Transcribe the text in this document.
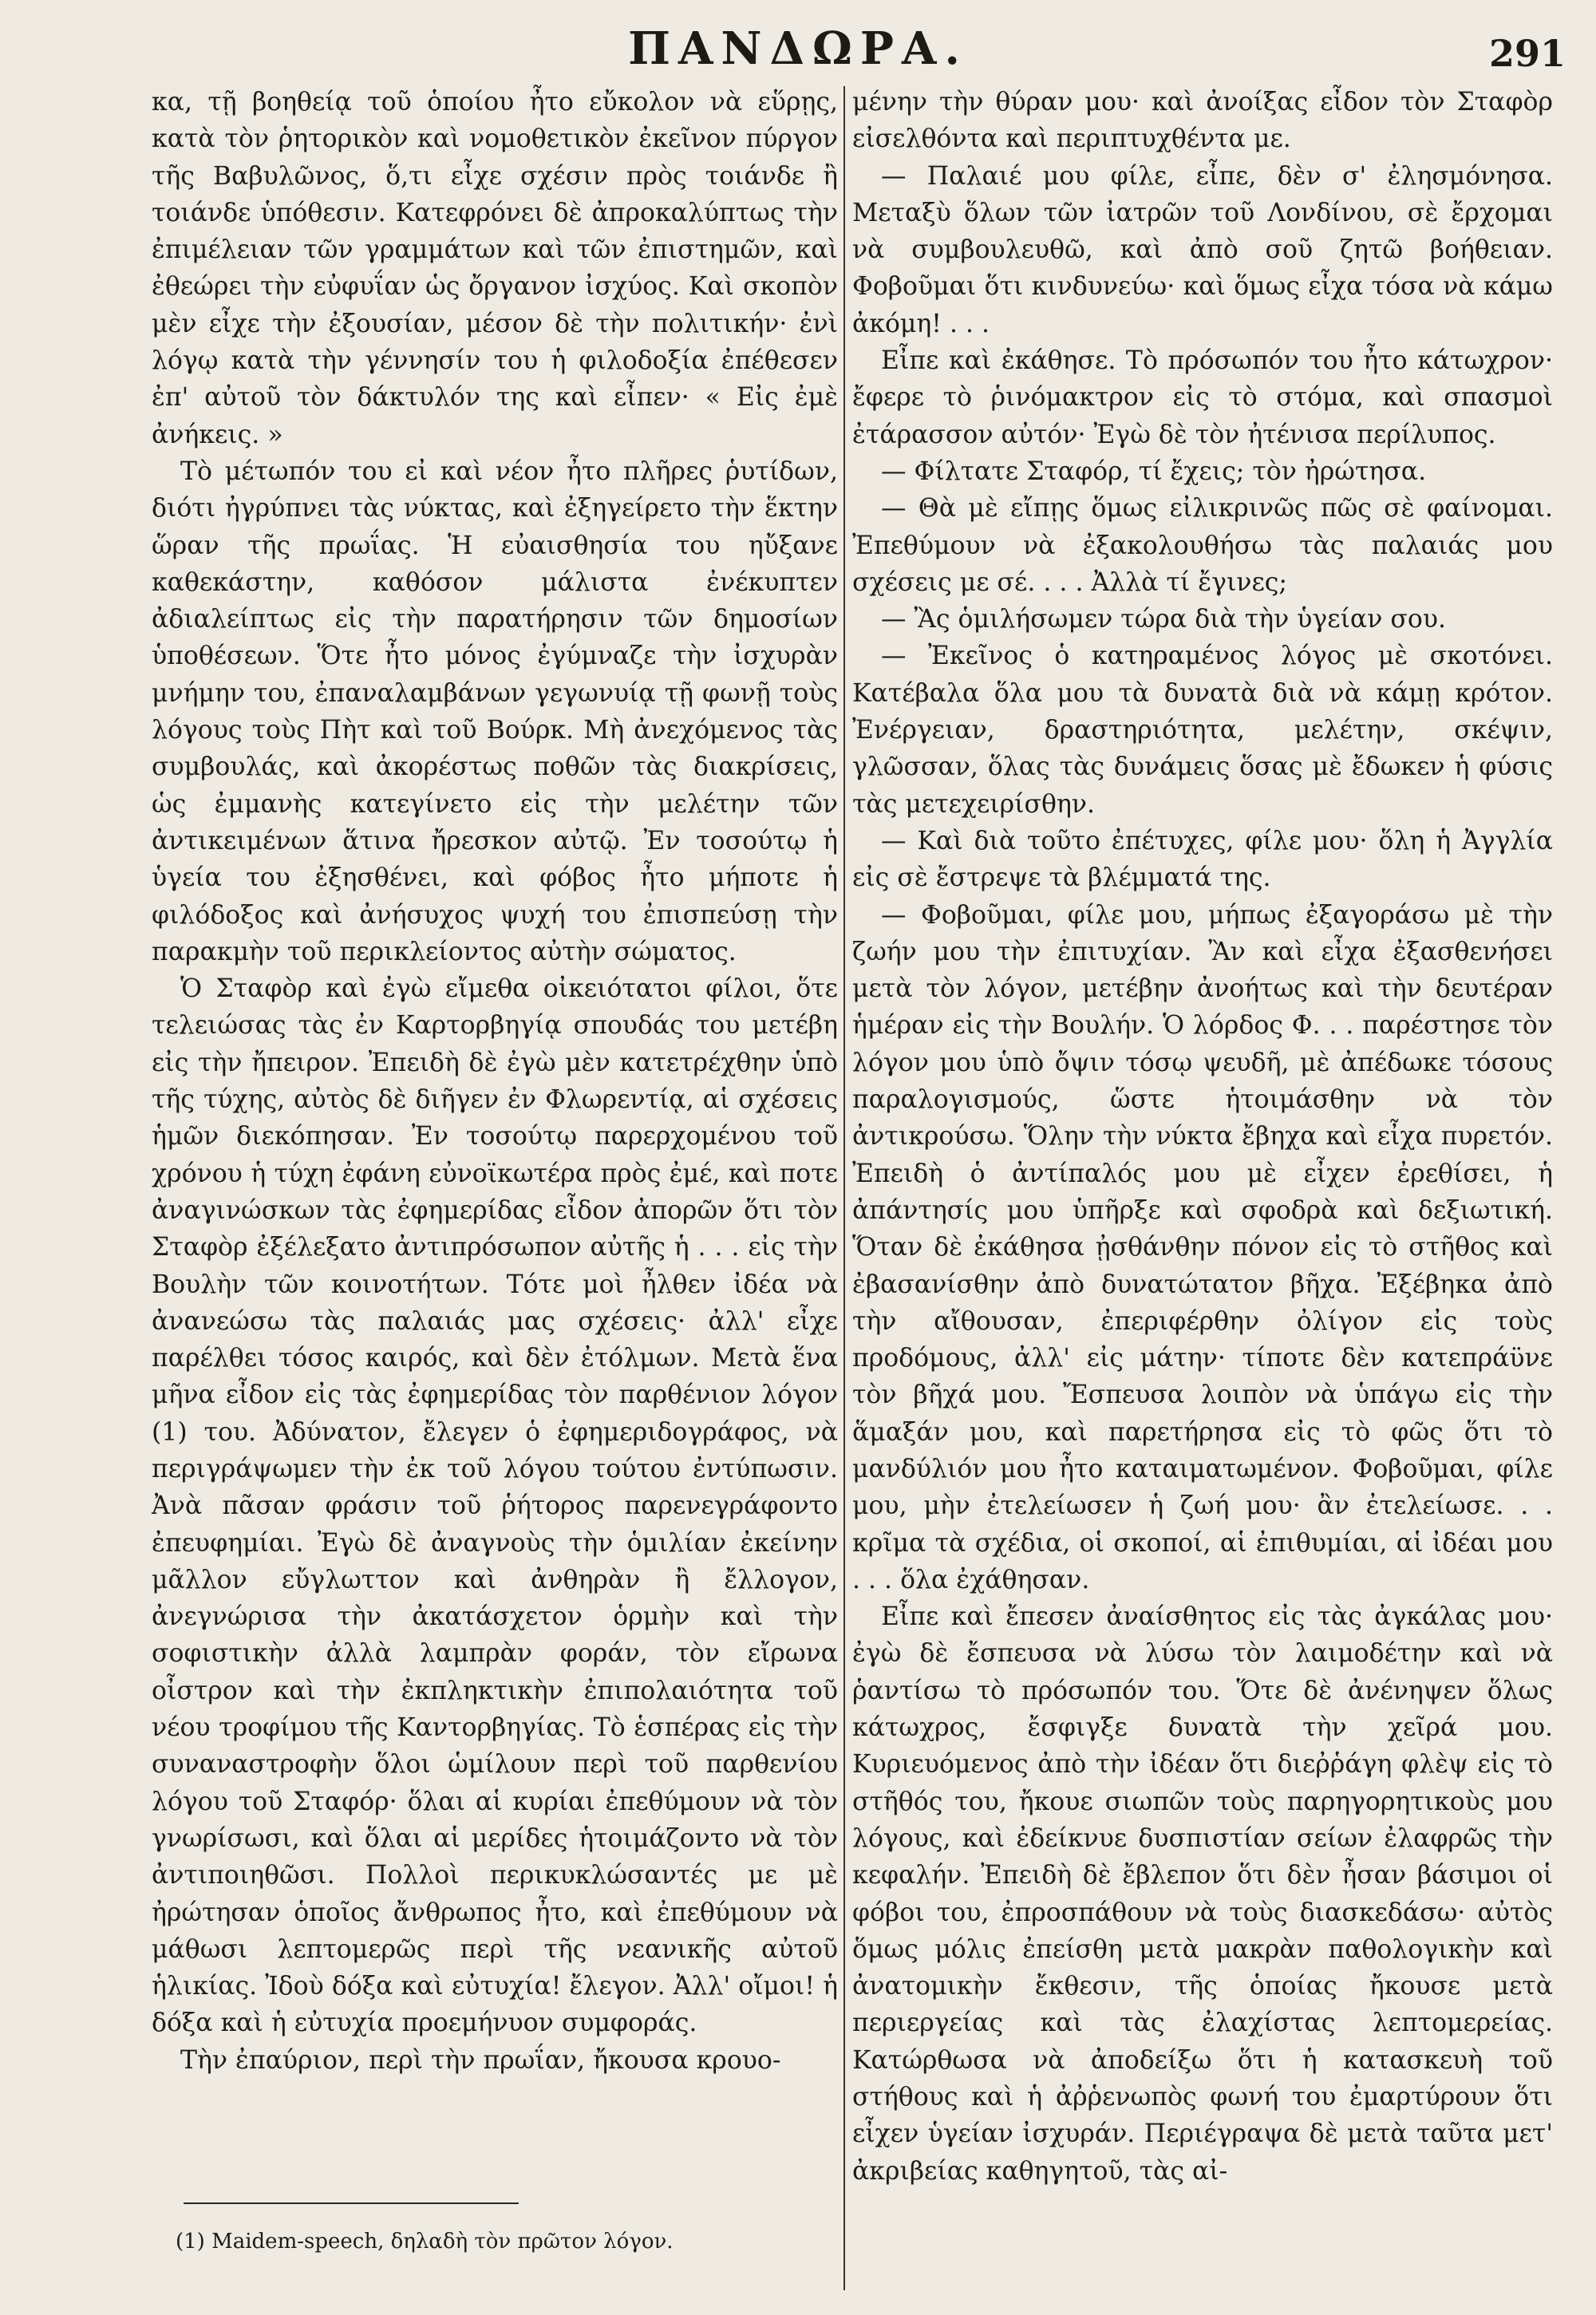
ΠΑΝΔΩΡΑ.	291

κα, τῇ βοηθείᾳ τοῦ ὁποίου ἦτο εὔκολον νὰ εὕρῃς, κατὰ τὸν ῥητορικὸν καὶ νομοθετικὸν ἐκεῖνον πύργον τῆς Βαβυλῶνος, ὅ,τι εἶχε σχέσιν πρὸς τοιάνδε ἢ τοιάνδε ὑπόθεσιν. Κατεφρόνει δὲ ἀπροκαλύπτως τὴν ἐπιμέλειαν τῶν γραμμάτων καὶ τῶν ἐπιστημῶν, καὶ ἐθεώρει τὴν εὐφυΐαν ὡς ὄργανον ἰσχύος. Καὶ σκοπὸν μὲν εἶχε τὴν ἐξουσίαν, μέσον δὲ τὴν πολιτικήν· ἐνὶ λόγῳ κατὰ τὴν γέννησίν του ἡ φιλοδοξία ἐπέθεσεν ἐπ' αὐτοῦ τὸν δάκτυλόν της καὶ εἶπεν· « Εἰς ἐμὲ ἀνήκεις. »

Τὸ μέτωπόν του εἰ καὶ νέον ἦτο πλῆρες ῥυτίδων, διότι ἠγρύπνει τὰς νύκτας, καὶ ἐξηγείρετο τὴν ἕκτην ὥραν τῆς πρωΐας. Ἡ εὐαισθησία του ηὔξανε καθεκάστην, καθόσον μάλιστα ἐνέκυπτεν ἀδιαλείπτως εἰς τὴν παρατήρησιν τῶν δημοσίων ὑποθέσεων. Ὅτε ἦτο μόνος ἐγύμναζε τὴν ἰσχυρὰν μνήμην του, ἐπαναλαμβάνων γεγωνυίᾳ τῇ φωνῇ τοὺς λόγους τοὺς Πὴτ καὶ τοῦ Βούρκ. Μὴ ἀνεχόμενος τὰς συμβουλάς, καὶ ἀκορέστως ποθῶν τὰς διακρίσεις, ὡς ἐμμανὴς κατεγίνετο εἰς τὴν μελέτην τῶν ἀντικειμένων ἅτινα ἤρεσκον αὐτῷ. Ἐν τοσούτῳ ἡ ὑγεία του ἐξησθένει, καὶ φόβος ἦτο μήποτε ἡ φιλόδοξος καὶ ἀνήσυχος ψυχή του ἐπισπεύσῃ τὴν παρακμὴν τοῦ περικλείοντος αὐτὴν σώματος.

Ὁ Σταφὸρ καὶ ἐγὼ εἴμεθα οἰκειότατοι φίλοι, ὅτε τελειώσας τὰς ἐν Καρτορβηγίᾳ σπουδάς του μετέβη εἰς τὴν ἤπειρον. Ἐπειδὴ δὲ ἐγὼ μὲν κατετρέχθην ὑπὸ τῆς τύχης, αὐτὸς δὲ διῆγεν ἐν Φλωρεντίᾳ, αἱ σχέσεις ἡμῶν διεκόπησαν. Ἐν τοσούτῳ παρερχομένου τοῦ χρόνου ἡ τύχη ἐφάνη εὐνοϊκωτέρα πρὸς ἐμέ, καὶ ποτε ἀναγινώσκων τὰς ἐφημερίδας εἶδον ἀπορῶν ὅτι τὸν Σταφὸρ ἐξέλεξατο ἀντιπρόσωπον αὐτῆς ἡ . . . εἰς τὴν Βουλὴν τῶν κοινοτήτων. Τότε μοὶ ἦλθεν ἰδέα νὰ ἀνανεώσω τὰς παλαιάς μας σχέσεις· ἀλλ' εἶχε παρέλθει τόσος καιρός, καὶ δὲν ἐτόλμων. Μετὰ ἕνα μῆνα εἶδον εἰς τὰς ἐφημερίδας τὸν παρθένιον λόγον (1) του. Ἀδύνατον, ἔλεγεν ὁ ἐφημεριδογράφος, νὰ περιγράψωμεν τὴν ἐκ τοῦ λόγου τούτου ἐντύπωσιν. Ἀνὰ πᾶσαν φράσιν τοῦ ῥήτορος παρενεγράφοντο ἐπευφημίαι. Ἐγὼ δὲ ἀναγνοὺς τὴν ὁμιλίαν ἐκείνην μᾶλλον εὔγλωττον καὶ ἀνθηρὰν ἢ ἔλλογον, ἀνεγνώρισα τὴν ἀκατάσχετον ὁρμὴν καὶ τὴν σοφιστικὴν ἀλλὰ λαμπρὰν φοράν, τὸν εἴρωνα οἶστρον καὶ τὴν ἐκπληκτικὴν ἐπιπολαιότητα τοῦ νέου τροφίμου τῆς Καντορβηγίας. Τὸ ἑσπέρας εἰς τὴν συναναστροφὴν ὅλοι ὡμίλουν περὶ τοῦ παρθενίου λόγου τοῦ Σταφόρ· ὅλαι αἱ κυρίαι ἐπεθύμουν νὰ τὸν γνωρίσωσι, καὶ ὅλαι αἱ μερίδες ἡτοιμάζοντο νὰ τὸν ἀντιποιηθῶσι. Πολλοὶ περικυκλώσαντές με μὲ ἠρώτησαν ὁποῖος ἄνθρωπος ἦτο, καὶ ἐπεθύμουν νὰ μάθωσι λεπτομερῶς περὶ τῆς νεανικῆς αὐτοῦ ἡλικίας. Ἰδοὺ δόξα καὶ εὐτυχία! ἔλεγον. Ἀλλ' οἴμοι! ἡ δόξα καὶ ἡ εὐτυχία προεμήνυον συμφοράς.

Τὴν ἐπαύριον, περὶ τὴν πρωΐαν, ἤκουσα κρουο-

μένην τὴν θύραν μου· καὶ ἀνοίξας εἶδον τὸν Σταφὸρ εἰσελθόντα καὶ περιπτυχθέντα με.

— Παλαιέ μου φίλε, εἶπε, δὲν σ' ἐλησμόνησα. Μεταξὺ ὅλων τῶν ἰατρῶν τοῦ Λονδίνου, σὲ ἔρχομαι νὰ συμβουλευθῶ, καὶ ἀπὸ σοῦ ζητῶ βοήθειαν. Φοβοῦμαι ὅτι κινδυνεύω· καὶ ὅμως εἶχα τόσα νὰ κάμω ἀκόμη! . . .

Εἶπε καὶ ἐκάθησε. Τὸ πρόσωπόν του ἦτο κάτωχρον· ἔφερε τὸ ῥινόμακτρον εἰς τὸ στόμα, καὶ σπασμοὶ ἐτάρασσον αὐτόν· Ἐγὼ δὲ τὸν ἠτένισα περίλυπος.

— Φίλτατε Σταφόρ, τί ἔχεις; τὸν ἠρώτησα.

— Θὰ μὲ εἴπῃς ὅμως εἰλικρινῶς πῶς σὲ φαίνομαι. Ἐπεθύμουν νὰ ἐξακολουθήσω τὰς παλαιάς μου σχέσεις με σέ. . . . Ἀλλὰ τί ἔγινες;

— Ἂς ὁμιλήσωμεν τώρα διὰ τὴν ὑγείαν σου.

— Ἐκεῖνος ὁ κατηραμένος λόγος μὲ σκοτόνει. Κατέβαλα ὅλα μου τὰ δυνατὰ διὰ νὰ κάμῃ κρότον. Ἐνέργειαν, δραστηριότητα, μελέτην, σκέψιν, γλῶσσαν, ὅλας τὰς δυνάμεις ὅσας μὲ ἔδωκεν ἡ φύσις τὰς μετεχειρίσθην.

— Καὶ διὰ τοῦτο ἐπέτυχες, φίλε μου· ὅλη ἡ Ἀγγλία εἰς σὲ ἔστρεψε τὰ βλέμματά της.

— Φοβοῦμαι, φίλε μου, μήπως ἐξαγοράσω μὲ τὴν ζωήν μου τὴν ἐπιτυχίαν. Ἂν καὶ εἶχα ἐξασθενήσει μετὰ τὸν λόγον, μετέβην ἀνοήτως καὶ τὴν δευτέραν ἡμέραν εἰς τὴν Βουλήν. Ὁ λόρδος Φ. . . παρέστησε τὸν λόγον μου ὑπὸ ὄψιν τόσῳ ψευδῆ, μὲ ἀπέδωκε τόσους παραλογισμούς, ὥστε ἡτοιμάσθην νὰ τὸν ἀντικρούσω. Ὅλην τὴν νύκτα ἔβηχα καὶ εἶχα πυρετόν. Ἐπειδὴ ὁ ἀντίπαλός μου μὲ εἶχεν ἐρεθίσει, ἡ ἀπάντησίς μου ὑπῆρξε καὶ σφοδρὰ καὶ δεξιωτική. Ὅταν δὲ ἐκάθησα ᾐσθάνθην πόνον εἰς τὸ στῆθος καὶ ἐβασανίσθην ἀπὸ δυνατώτατον βῆχα. Ἐξέβηκα ἀπὸ τὴν αἴθουσαν, ἐπεριφέρθην ὀλίγον εἰς τοὺς προδόμους, ἀλλ' εἰς μάτην· τίποτε δὲν κατεπράϋνε τὸν βῆχά μου. Ἔσπευσα λοιπὸν νὰ ὑπάγω εἰς τὴν ἅμαξάν μου, καὶ παρετήρησα εἰς τὸ φῶς ὅτι τὸ μανδύλιόν μου ἦτο καταιματωμένον. Φοβοῦμαι, φίλε μου, μὴν ἐτελείωσεν ἡ ζωή μου· ἂν ἐτελείωσε. . . κρῖμα τὰ σχέδια, οἱ σκοποί, αἱ ἐπιθυμίαι, αἱ ἰδέαι μου . . . ὅλα ἐχάθησαν.

Εἶπε καὶ ἔπεσεν ἀναίσθητος εἰς τὰς ἀγκάλας μου· ἐγὼ δὲ ἔσπευσα νὰ λύσω τὸν λαιμοδέτην καὶ νὰ ῥαντίσω τὸ πρόσωπόν του. Ὅτε δὲ ἀνένηψεν ὅλως κάτωχρος, ἔσφιγξε δυνατὰ τὴν χεῖρά μου. Κυριευόμενος ἀπὸ τὴν ἰδέαν ὅτι διεῤῥάγη φλὲψ εἰς τὸ στῆθός του, ἤκουε σιωπῶν τοὺς παρηγορητικοὺς μου λόγους, καὶ ἐδείκνυε δυσπιστίαν σείων ἐλαφρῶς τὴν κεφαλήν. Ἐπειδὴ δὲ ἔβλεπον ὅτι δὲν ἦσαν βάσιμοι οἱ φόβοι του, ἐπροσπάθουν νὰ τοὺς διασκεδάσω· αὐτὸς ὅμως μόλις ἐπείσθη μετὰ μακρὰν παθολογικὴν καὶ ἀνατομικὴν ἔκθεσιν, τῆς ὁποίας ἤκουσε μετὰ περιεργείας καὶ τὰς ἐλαχίστας λεπτομερείας. Κατώρθωσα νὰ ἀποδείξω ὅτι ἡ κατασκευὴ τοῦ στήθους καὶ ἡ ἀῤῥενωπὸς φωνή του ἐμαρτύρουν ὅτι εἶχεν ὑγείαν ἰσχυράν. Περιέγραψα δὲ μετὰ ταῦτα μετ' ἀκριβείας καθηγητοῦ, τὰς αἰ-

(1) Maidem-speech, δηλαδὴ τὸν πρῶτον λόγον.
